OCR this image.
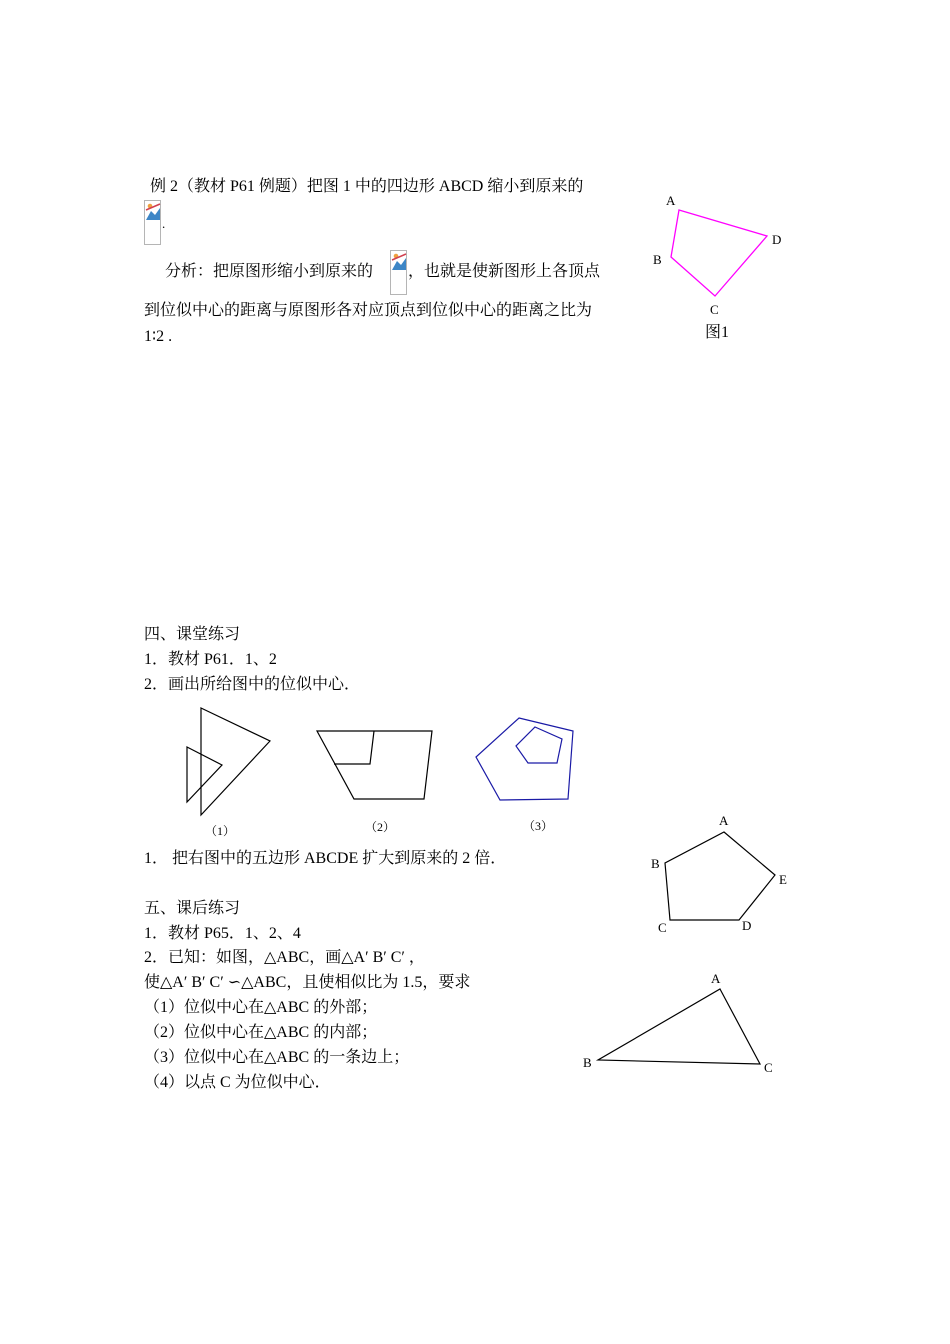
例 2（教材 P61 例题）把图 1 中的四边形 ABCD 缩小到原来的
.
分析：把原图形缩小到原来的 ，也就是使新图形上各顶点
到位似中心的距离与原图形各对应顶点到位似中心的距离之比为
1∶2 .
A
D
B
C
图1
四、课堂练习
1．教材 P61．1、2
2．画出所给图中的位似中心．
（1）	（2）	（3）
1． 把右图中的五边形 ABCDE 扩大到原来的 2 倍．
A
B
E
C	D
五、课后练习
1．教材 P65．1、2、4
2．已知：如图，△ABC，画△A′ B′ C′ ，
使△A′ B′ C′ ∽△ABC，且使相似比为 1.5，要求
（1）位似中心在△ABC 的外部；
（2）位似中心在△ABC 的内部；
（3）位似中心在△ABC 的一条边上；
（4）以点 C 为位似中心．
A
B	C
